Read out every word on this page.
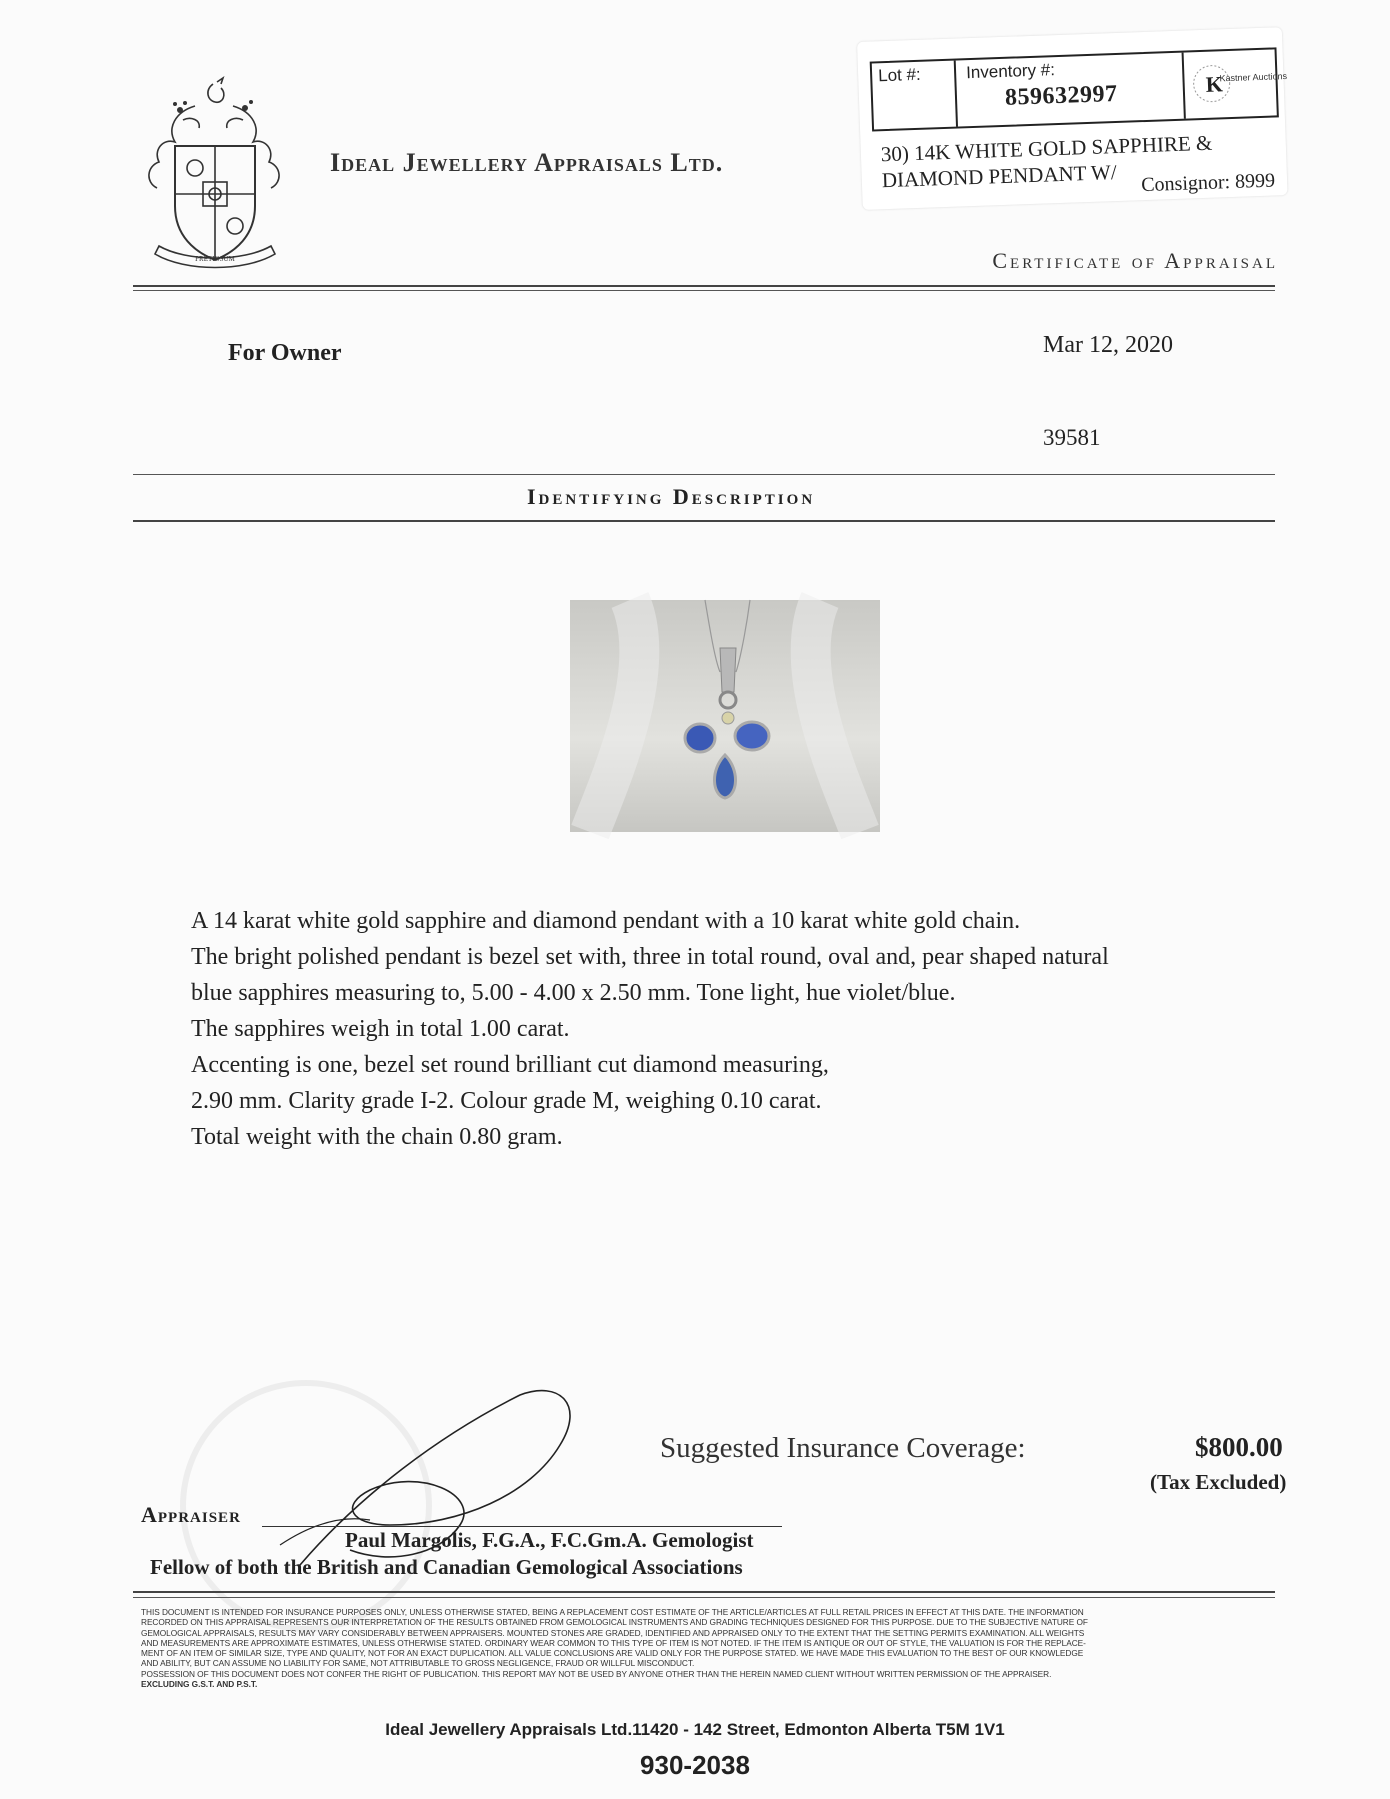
PRETIOSUM
Ideal Jewellery Appraisals Ltd.
Lot #:	Inventory #:
859632997	K
Kastner Auctions
30) 14K WHITE GOLD SAPPHIRE &
DIAMOND PENDANT W/	Consignor: 8999
Certificate of Appraisal
For Owner	Mar 12, 2020
39581
Identifying Description
A 14 karat white gold sapphire and diamond pendant with a 10 karat white gold chain.
The bright polished pendant is bezel set with, three in total round, oval and, pear shaped natural
blue sapphires measuring to, 5.00 - 4.00 x 2.50 mm. Tone light, hue violet/blue.
The sapphires weigh in total 1.00 carat.
Accenting is one, bezel set round brilliant cut diamond measuring,
2.90 mm. Clarity grade I-2. Colour grade M, weighing 0.10 carat.
Total weight with the chain 0.80 gram.
Suggested Insurance Coverage:	$800.00
(Tax Excluded)
Appraiser
Paul Margolis, F.G.A., F.C.Gm.A. Gemologist
Fellow of both the British and Canadian Gemological Associations
THIS DOCUMENT IS INTENDED FOR INSURANCE PURPOSES ONLY, UNLESS OTHERWISE STATED, BEING A REPLACEMENT COST ESTIMATE OF THE ARTICLE/ARTICLES AT FULL RETAIL PRICES IN EFFECT AT THIS DATE. THE INFORMATION
RECORDED ON THIS APPRAISAL REPRESENTS OUR INTERPRETATION OF THE RESULTS OBTAINED FROM GEMOLOGICAL INSTRUMENTS AND GRADING TECHNIQUES DESIGNED FOR THIS PURPOSE. DUE TO THE SUBJECTIVE NATURE OF
GEMOLOGICAL APPRAISALS, RESULTS MAY VARY CONSIDERABLY BETWEEN APPRAISERS. MOUNTED STONES ARE GRADED, IDENTIFIED AND APPRAISED ONLY TO THE EXTENT THAT THE SETTING PERMITS EXAMINATION. ALL WEIGHTS
AND MEASUREMENTS ARE APPROXIMATE ESTIMATES, UNLESS OTHERWISE STATED. ORDINARY WEAR COMMON TO THIS TYPE OF ITEM IS NOT NOTED. IF THE ITEM IS ANTIQUE OR OUT OF STYLE, THE VALUATION IS FOR THE REPLACE-
MENT OF AN ITEM OF SIMILAR SIZE, TYPE AND QUALITY, NOT FOR AN EXACT DUPLICATION. ALL VALUE CONCLUSIONS ARE VALID ONLY FOR THE PURPOSE STATED. WE HAVE MADE THIS EVALUATION TO THE BEST OF OUR KNOWLEDGE
AND ABILITY, BUT CAN ASSUME NO LIABILITY FOR SAME, NOT ATTRIBUTABLE TO GROSS NEGLIGENCE, FRAUD OR WILLFUL MISCONDUCT.
POSSESSION OF THIS DOCUMENT DOES NOT CONFER THE RIGHT OF PUBLICATION. THIS REPORT MAY NOT BE USED BY ANYONE OTHER THAN THE HEREIN NAMED CLIENT WITHOUT WRITTEN PERMISSION OF THE APPRAISER.
EXCLUDING G.S.T. AND P.S.T.
Ideal Jewellery Appraisals Ltd.11420 - 142 Street, Edmonton Alberta T5M 1V1
930-2038
